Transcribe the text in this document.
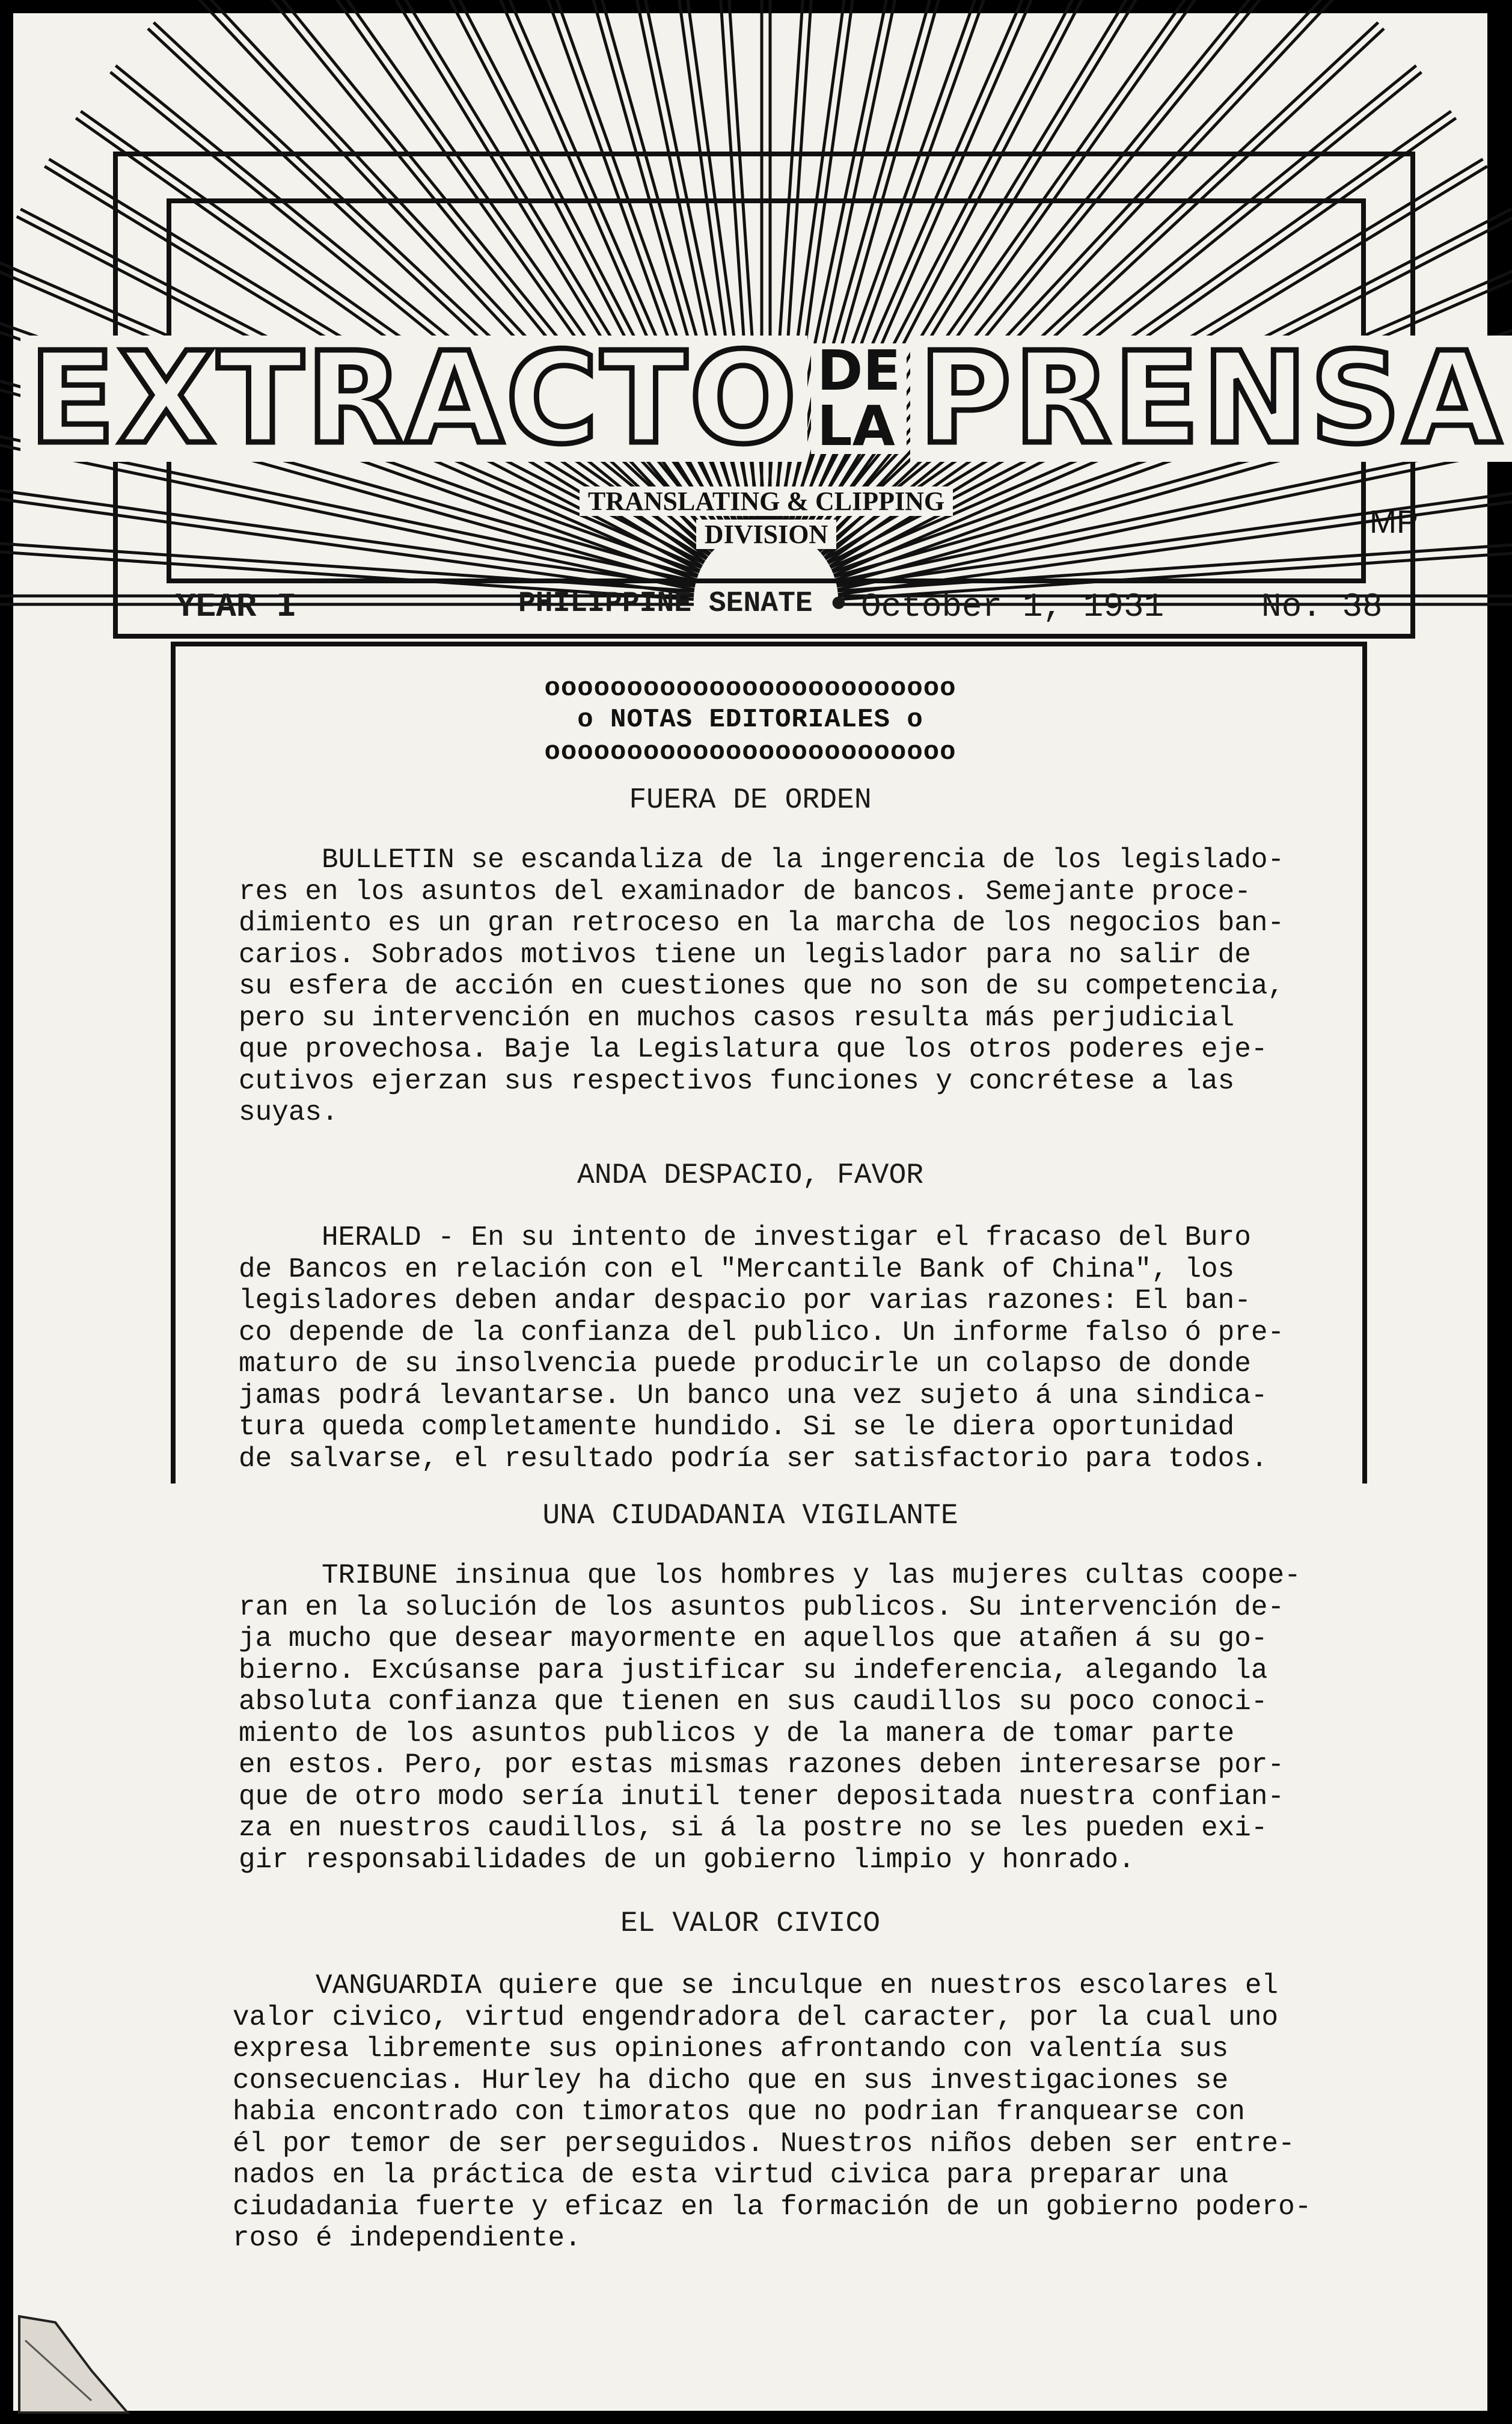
EXTRACTO DE LA PRENSA
TRANSLATING & CLIPPING
DIVISION	MP
YEAR I	PHILIPPINE SENATE ● October 1, 1931	No. 38
ooooooooooooooooooooooooo
o NOTAS EDITORIALES o
ooooooooooooooooooooooooo
FUERA DE ORDEN
BULLETIN se escandaliza de la ingerencia de los legislado-
res en los asuntos del examinador de bancos. Semejante proce-
dimiento es un gran retroceso en la marcha de los negocios ban-
carios. Sobrados motivos tiene un legislador para no salir de
su esfera de acción en cuestiones que no son de su competencia,
pero su intervención en muchos casos resulta más perjudicial
que provechosa. Baje la Legislatura que los otros poderes eje-
cutivos ejerzan sus respectivos funciones y concrétese a las
suyas.
ANDA DESPACIO, FAVOR
HERALD - En su intento de investigar el fracaso del Buro
de Bancos en relación con el "Mercantile Bank of China", los
legisladores deben andar despacio por varias razones: El ban-
co depende de la confianza del publico. Un informe falso ó pre-
maturo de su insolvencia puede producirle un colapso de donde
jamas podrá levantarse. Un banco una vez sujeto á una sindica-
tura queda completamente hundido. Si se le diera oportunidad
de salvarse, el resultado podría ser satisfactorio para todos.
UNA CIUDADANIA VIGILANTE
TRIBUNE insinua que los hombres y las mujeres cultas coope-
ran en la solución de los asuntos publicos. Su intervención de-
ja mucho que desear mayormente en aquellos que atañen á su go-
bierno. Excúsanse para justificar su indeferencia, alegando la
absoluta confianza que tienen en sus caudillos su poco conoci-
miento de los asuntos publicos y de la manera de tomar parte
en estos. Pero, por estas mismas razones deben interesarse por-
que de otro modo sería inutil tener depositada nuestra confian-
za en nuestros caudillos, si á la postre no se les pueden exi-
gir responsabilidades de un gobierno limpio y honrado.
EL VALOR CIVICO
VANGUARDIA quiere que se inculque en nuestros escolares el
valor civico, virtud engendradora del caracter, por la cual uno
expresa libremente sus opiniones afrontando con valentía sus
consecuencias. Hurley ha dicho que en sus investigaciones se
habia encontrado con timoratos que no podrian franquearse con
él por temor de ser perseguidos. Nuestros niños deben ser entre-
nados en la práctica de esta virtud civica para preparar una
ciudadania fuerte y eficaz en la formación de un gobierno podero-
roso é independiente.
